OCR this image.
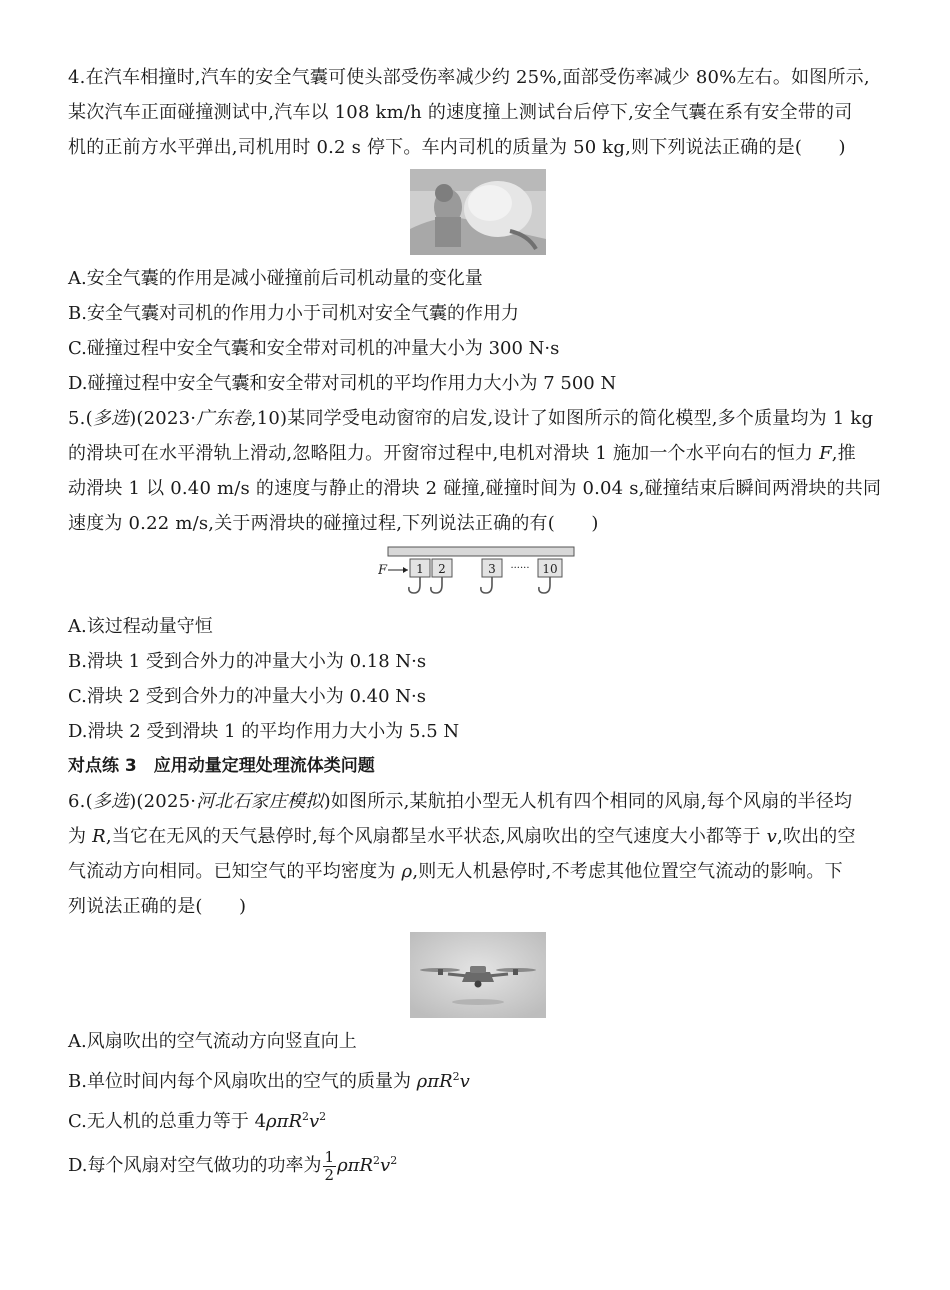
4.在汽车相撞时,汽车的安全气囊可使头部受伤率减少约 25%,面部受伤率减少 80%左右。如图所示,

某次汽车正面碰撞测试中,汽车以 108 km/h 的速度撞上测试台后停下,安全气囊在系有安全带的司

机的正前方水平弹出,司机用时 0.2 s 停下。车内司机的质量为 50 kg,则下列说法正确的是(　　)

A.安全气囊的作用是减小碰撞前后司机动量的变化量

B.安全气囊对司机的作用力小于司机对安全气囊的作用力

C.碰撞过程中安全气囊和安全带对司机的冲量大小为 300 N·s

D.碰撞过程中安全气囊和安全带对司机的平均作用力大小为 7 500 N

5.(多选)(2023·广东卷,10)某同学受电动窗帘的启发,设计了如图所示的简化模型,多个质量均为 1 kg

的滑块可在水平滑轨上滑动,忽略阻力。开窗帘过程中,电机对滑块 1 施加一个水平向右的恒力 F,推

动滑块 1 以 0.40 m/s 的速度与静止的滑块 2 碰撞,碰撞时间为 0.04 s,碰撞结束后瞬间两滑块的共同

速度为 0.22 m/s,关于两滑块的碰撞过程,下列说法正确的有(　　)

F 1 2	3	10
······

A.该过程动量守恒

B.滑块 1 受到合外力的冲量大小为 0.18 N·s

C.滑块 2 受到合外力的冲量大小为 0.40 N·s

D.滑块 2 受到滑块 1 的平均作用力大小为 5.5 N

对点练 3　应用动量定理处理流体类问题

6.(多选)(2025·河北石家庄模拟)如图所示,某航拍小型无人机有四个相同的风扇,每个风扇的半径均

为 R,当它在无风的天气悬停时,每个风扇都呈水平状态,风扇吹出的空气速度大小都等于 v,吹出的空

气流动方向相同。已知空气的平均密度为 ρ,则无人机悬停时,不考虑其他位置空气流动的影响。下

列说法正确的是(　　)

A.风扇吹出的空气流动方向竖直向上

B.单位时间内每个风扇吹出的空气的质量为 ρπR$^2$v

C.无人机的总重力等于 $4\rho\pi R^2v^2$

D.每个风扇对空气做功的功率为 $\frac{1}{2} \rho\pi R^2v^2$
